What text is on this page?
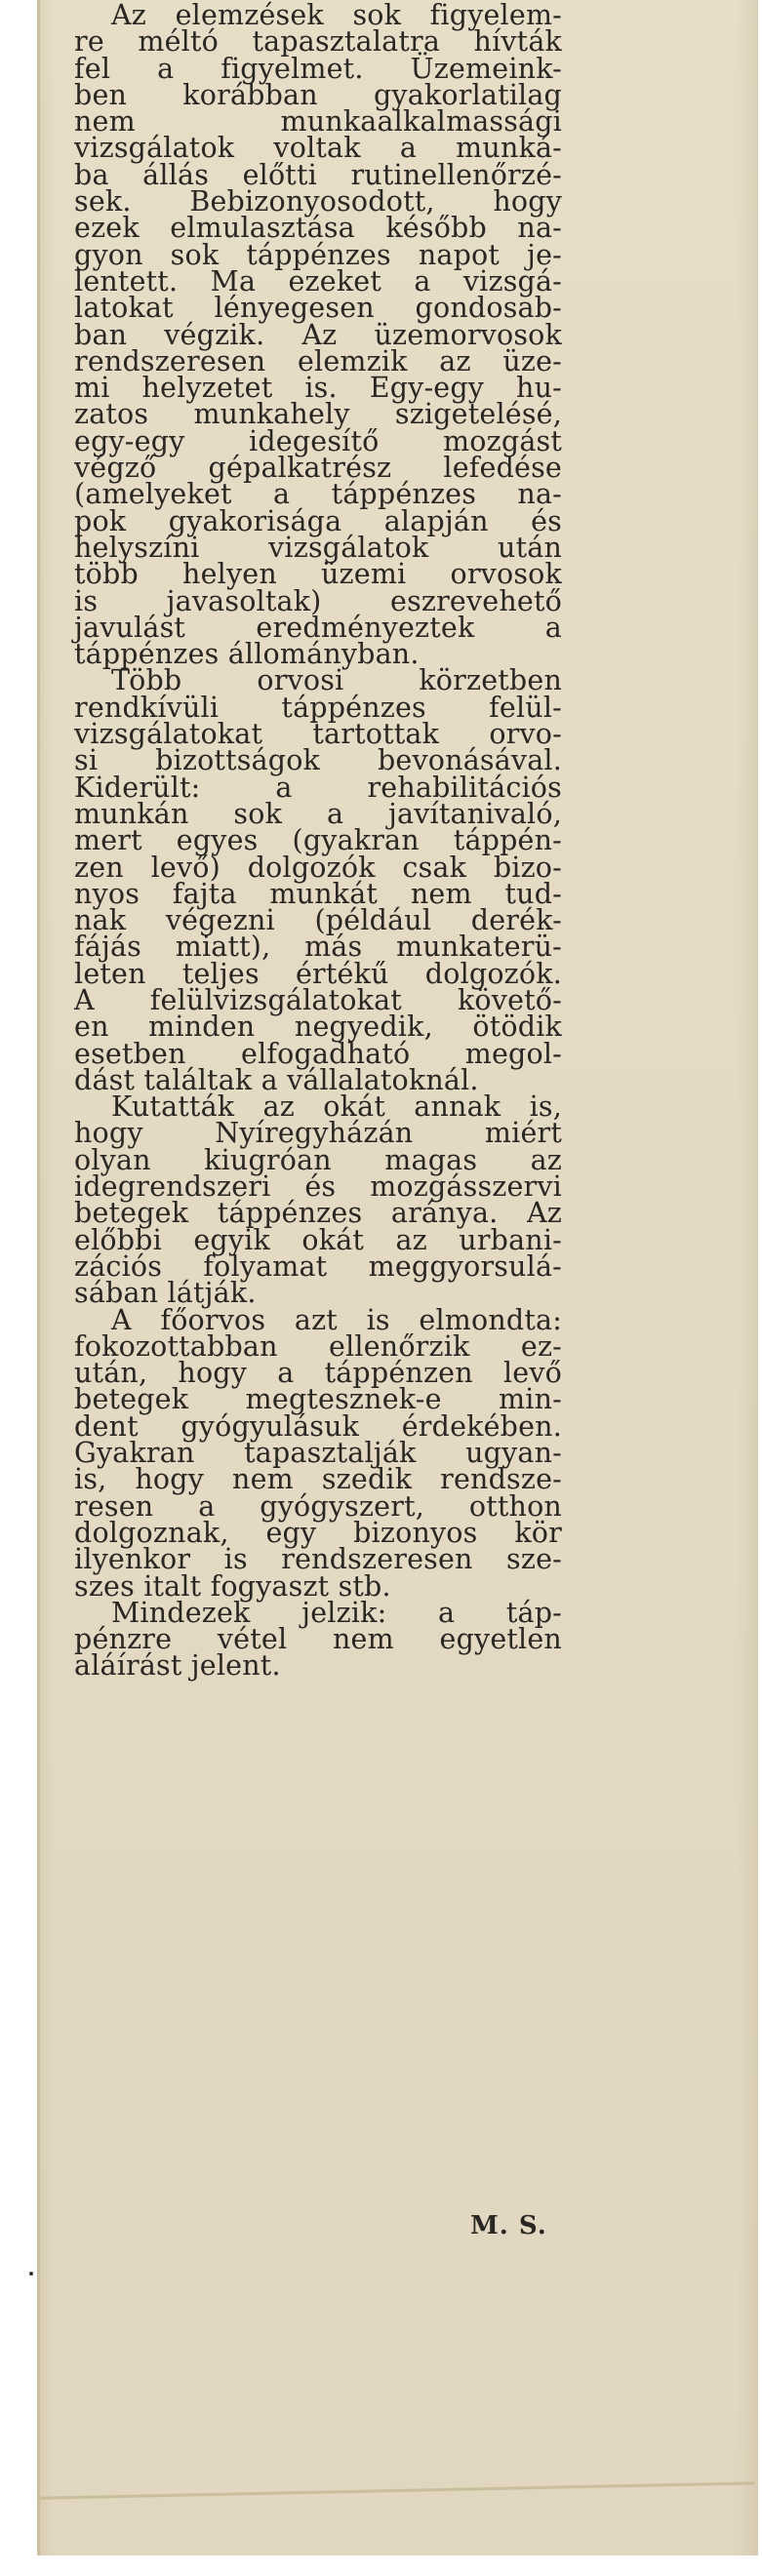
Az elemzések sok figyelem-
re méltó tapasztalatra hívták
fel a figyelmet. Üzemeink-
ben korábban gyakorlatilag
nem munkaalkalmassági
vizsgálatok voltak a munká-
ba állás előtti rutinellenőrzé-
sek. Bebizonyosodott, hogy
ezek elmulasztása később na-
gyon sok táppénzes napot je-
lentett. Ma ezeket a vizsgá-
latokat lényegesen gondosab-
ban végzik. Az üzemorvosok
rendszeresen elemzik az üze-
mi helyzetet is. Egy-egy hu-
zatos munkahely szigetelésé,
egy-egy idegesítő mozgást
végző gépalkatrész lefedése
(amelyeket a táppénzes na-
pok gyakorisága alapján és
helyszíni vizsgálatok után
több helyen üzemi orvosok
is javasoltak) eszrevehető
javulást eredményeztek a
táppénzes állományban.

Több orvosi körzetben
rendkívüli táppénzes felül-
vizsgálatokat tartottak orvo-
si bizottságok bevonásával.
Kiderült: a rehabilitációs
munkán sok a javítanivaló,
mert egyes (gyakran táppén-
zen levő) dolgozók csak bizo-
nyos fajta munkát nem tud-
nak végezni (például derék-
fájás miatt), más munkaterü-
leten teljes értékű dolgozók.
A felülvizsgálatokat követő-
en minden negyedik, ötödik
esetben elfogadható megol-
dást találtak a vállalatoknál.

Kutatták az okát annak is,
hogy Nyíregyházán miért
olyan kiugróan magas az
idegrendszeri és mozgásszervi
betegek táppénzes aránya. Az
előbbi egyik okát az urbani-
zációs folyamat meggyorsulá-
sában látják.

A főorvos azt is elmondta:
fokozottabban ellenőrzik ez-
után, hogy a táppénzen levő
betegek megtesznek-e min-
dent gyógyulásuk érdekében.
Gyakran tapasztalják ugyan-
is, hogy nem szedik rendsze-
resen a gyógyszert, otthon
dolgoznak, egy bizonyos kör
ilyenkor is rendszeresen sze-
szes italt fogyaszt stb.

Mindezek jelzik: a táp-
pénzre vétel nem egyetlen
aláírást jelent.

M. S.
